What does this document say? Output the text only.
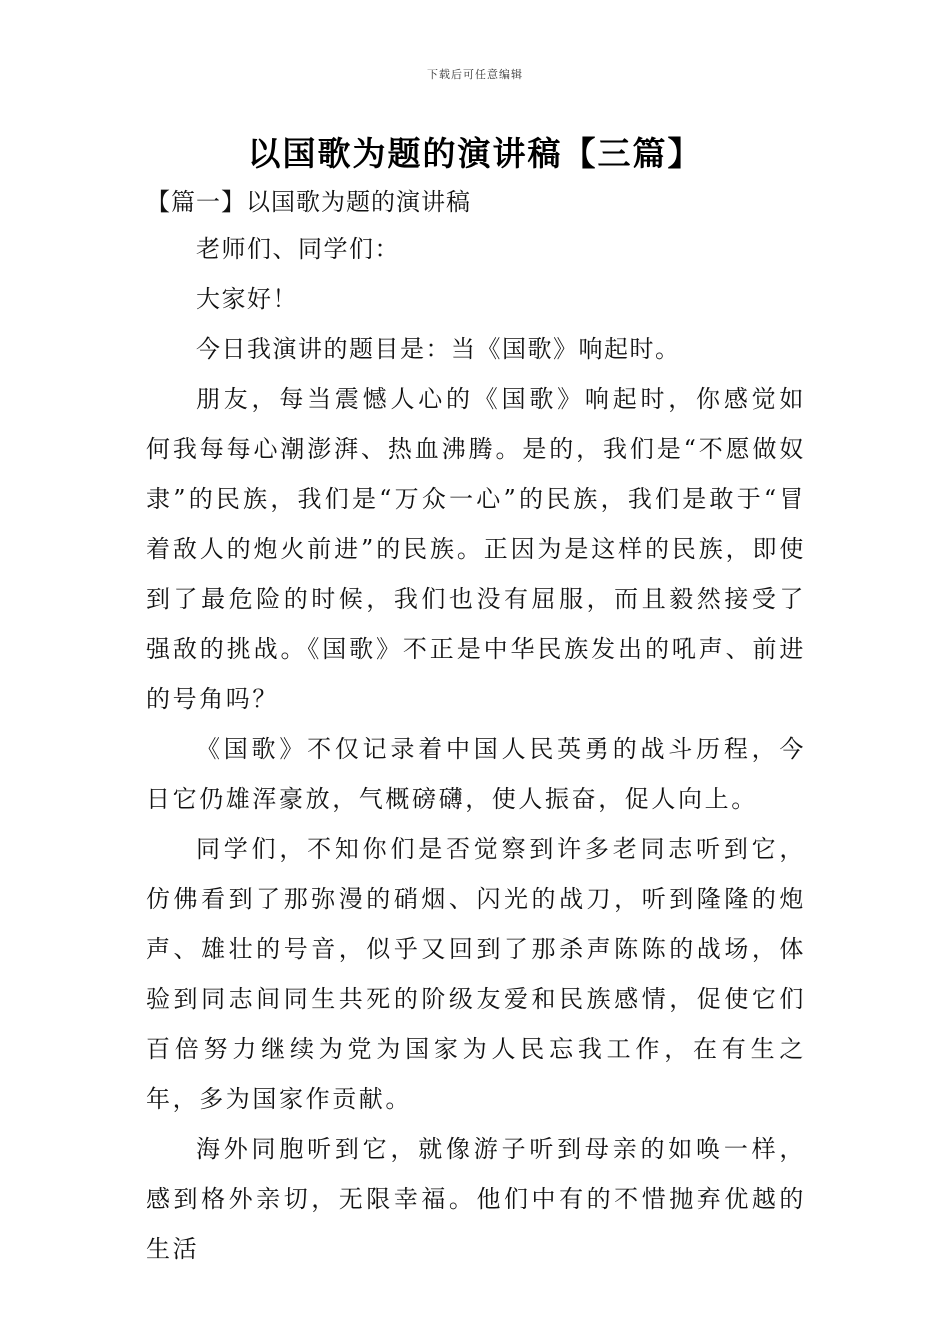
下载后可任意编辑
以国歌为题的演讲稿【三篇】
【篇一】以国歌为题的演讲稿

老师们、同学们：

大家好！

今日我演讲的题目是：当《国歌》响起时。

朋友，每当震憾人心的《国歌》响起时，你感觉如何我每每心潮澎湃、热血沸腾。是的，我们是“不愿做奴隶”的民族，我们是“万众一心”的民族，我们是敢于“冒着敌人的炮火前进”的民族。正因为是这样的民族，即使到了最危险的时候，我们也没有屈服，而且毅然接受了强敌的挑战。《国歌》不正是中华民族发出的吼声、前进的号角吗？

《国歌》不仅记录着中国人民英勇的战斗历程，今日它仍雄浑豪放，气概磅礴，使人振奋，促人向上。

同学们，不知你们是否觉察到许多老同志听到它，仿佛看到了那弥漫的硝烟、闪光的战刀，听到隆隆的炮声、雄壮的号音，似乎又回到了那杀声陈陈的战场，体验到同志间同生共死的阶级友爱和民族感情，促使它们百倍努力继续为党为国家为人民忘我工作，在有生之年，多为国家作贡献。

海外同胞听到它，就像游子听到母亲的如唤一样，感到格外亲切，无限幸福。他们中有的不惜抛弃优越的生活
